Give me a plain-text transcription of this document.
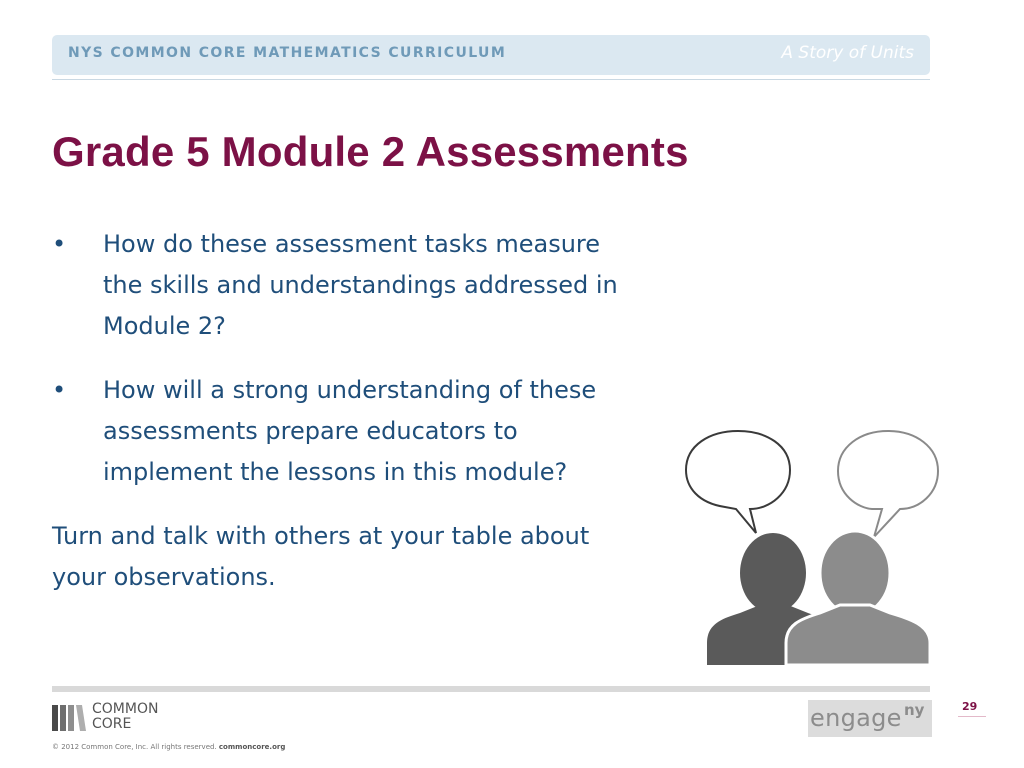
NYS COMMON CORE MATHEMATICS CURRICULUM	A Story of Units
Grade 5 Module 2 Assessments
• How do these assessment tasks measure the skills and understandings addressed in Module 2?
• How will a strong understanding of these assessments prepare educators to implement the lessons in this module?
Turn and talk with others at your table about your observations.
29
COMMON
CORE
© 2012 Common Core, Inc. All rights reserved. commoncore.org
engage ny
